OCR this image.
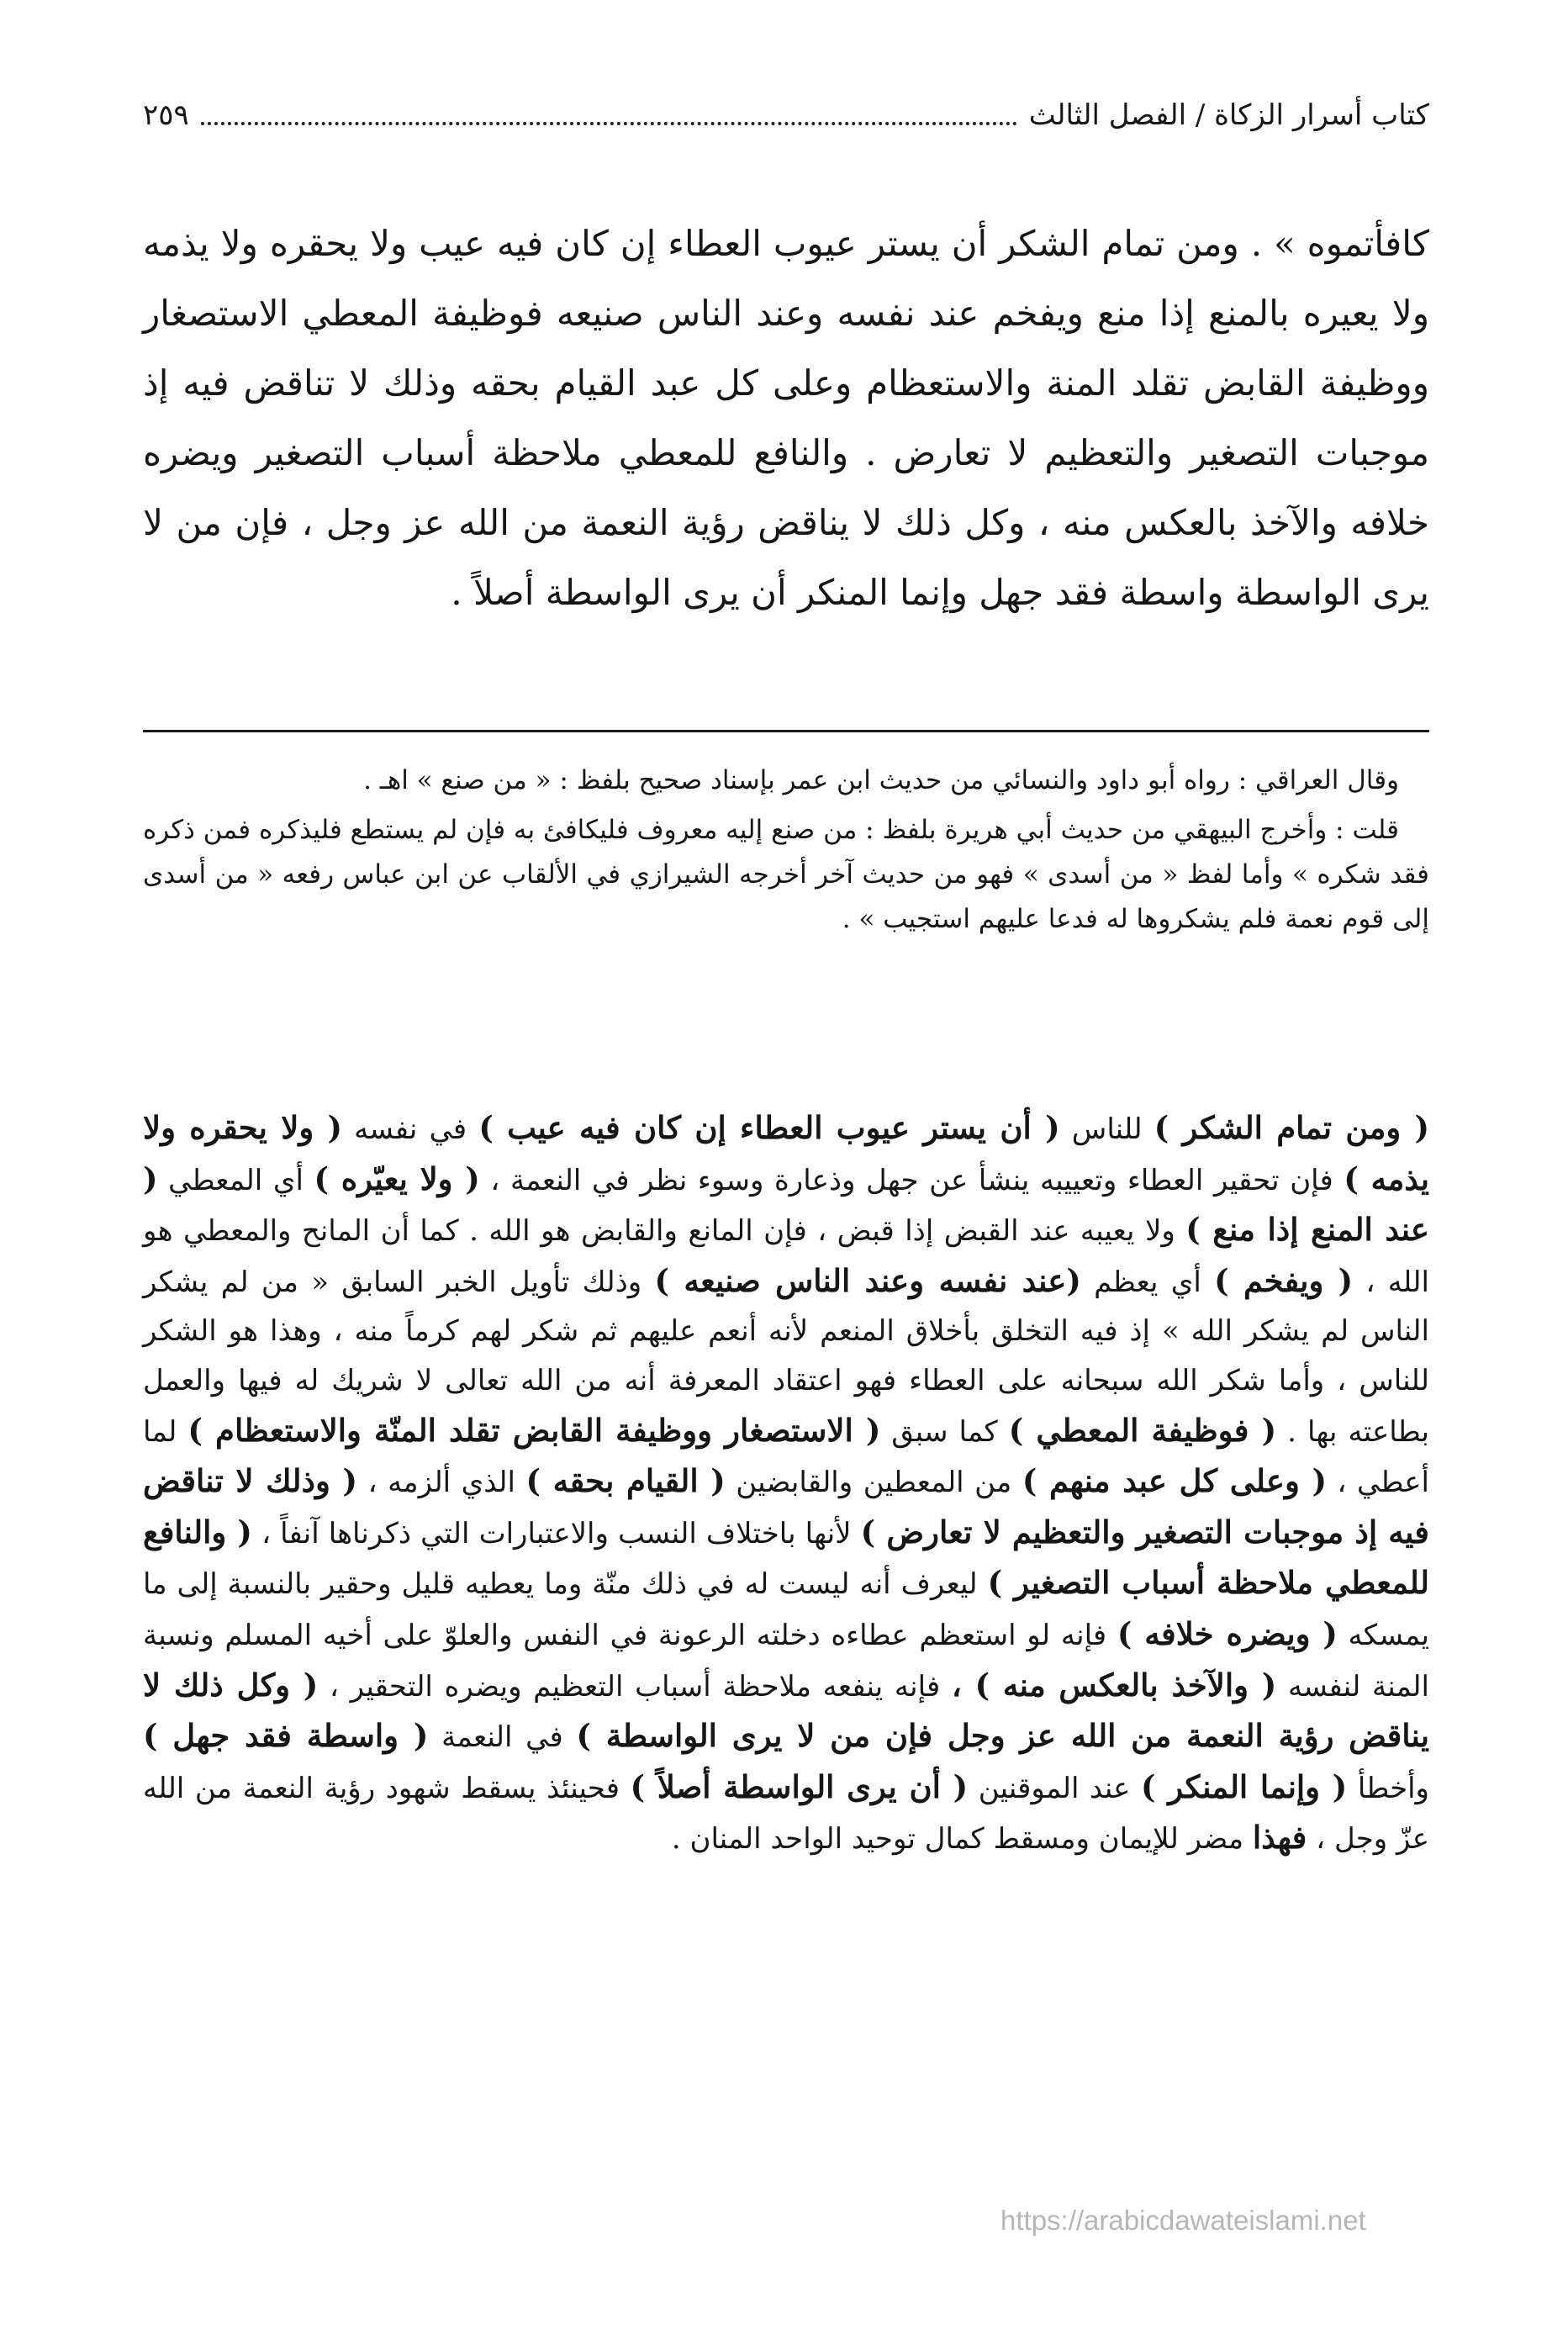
كتاب أسرار الزكاة / الفصل الثالث
٢٥٩

كافأتموه » . ومن تمام الشكر أن يستر عيوب العطاء إن كان فيه عيب ولا يحقره ولا يذمه ولا يعيره بالمنع إذا منع ويفخم عند نفسه وعند الناس صنيعه فوظيفة المعطي الاستصغار ووظيفة القابض تقلد المنة والاستعظام وعلى كل عبد القيام بحقه وذلك لا تناقض فيه إذ موجبات التصغير والتعظيم لا تعارض . والنافع للمعطي ملاحظة أسباب التصغير ويضره خلافه والآخذ بالعكس منه ، وكل ذلك لا يناقض رؤية النعمة من الله عز وجل ، فإن من لا يرى الواسطة واسطة فقد جهل وإنما المنكر أن يرى الواسطة أصلاً .

وقال العراقي : رواه أبو داود والنسائي من حديث ابن عمر بإسناد صحيح بلفظ : « من صنع » اهـ .

قلت : وأخرج البيهقي من حديث أبي هريرة بلفظ : من صنع إليه معروف فليكافئ به فإن لم يستطع فليذكره فمن ذكره فقد شكره » وأما لفظ « من أسدى » فهو من حديث آخر أخرجه الشيرازي في الألقاب عن ابن عباس رفعه « من أسدى إلى قوم نعمة فلم يشكروها له فدعا عليهم استجيب » .

( ومن تمام الشكر ) للناس ( أن يستر عيوب العطاء إن كان فيه عيب ) في نفسه ( ولا يحقره ولا يذمه ) فإن تحقير العطاء وتعييبه ينشأ عن جهل وذعارة وسوء نظر في النعمة ، ( ولا يعيّره ) أي المعطي ( عند المنع إذا منع ) ولا يعيبه عند القبض إذا قبض ، فإن المانع والقابض هو الله . كما أن المانح والمعطي هو الله ، ( ويفخم ) أي يعظم (عند نفسه وعند الناس صنيعه ) وذلك تأويل الخبر السابق « من لم يشكر الناس لم يشكر الله » إذ فيه التخلق بأخلاق المنعم لأنه أنعم عليهم ثم شكر لهم كرماً منه ، وهذا هو الشكر للناس ، وأما شكر الله سبحانه على العطاء فهو اعتقاد المعرفة أنه من الله تعالى لا شريك له فيها والعمل بطاعته بها . ( فوظيفة المعطي ) كما سبق ( الاستصغار ووظيفة القابض تقلد المنّة والاستعظام ) لما أعطي ، ( وعلى كل عبد منهم ) من المعطين والقابضين ( القيام بحقه ) الذي ألزمه ، ( وذلك لا تناقض فيه إذ موجبات التصغير والتعظيم لا تعارض ) لأنها باختلاف النسب والاعتبارات التي ذكرناها آنفاً ، ( والنافع للمعطي ملاحظة أسباب التصغير ) ليعرف أنه ليست له في ذلك منّة وما يعطيه قليل وحقير بالنسبة إلى ما يمسكه ( ويضره خلافه ) فإنه لو استعظم عطاءه دخلته الرعونة في النفس والعلوّ على أخيه المسلم ونسبة المنة لنفسه ( والآخذ بالعكس منه ) ، فإنه ينفعه ملاحظة أسباب التعظيم ويضره التحقير ، ( وكل ذلك لا يناقض رؤية النعمة من الله عز وجل فإن من لا يرى الواسطة ) في النعمة ( واسطة فقد جهل ) وأخطأ ( وإنما المنكر ) عند الموقنين ( أن يرى الواسطة أصلاً ) فحينئذ يسقط شهود رؤية النعمة من الله عزّ وجل ، فهذا مضر للإيمان ومسقط كمال توحيد الواحد المنان .

https://arabicdawateislami.net
